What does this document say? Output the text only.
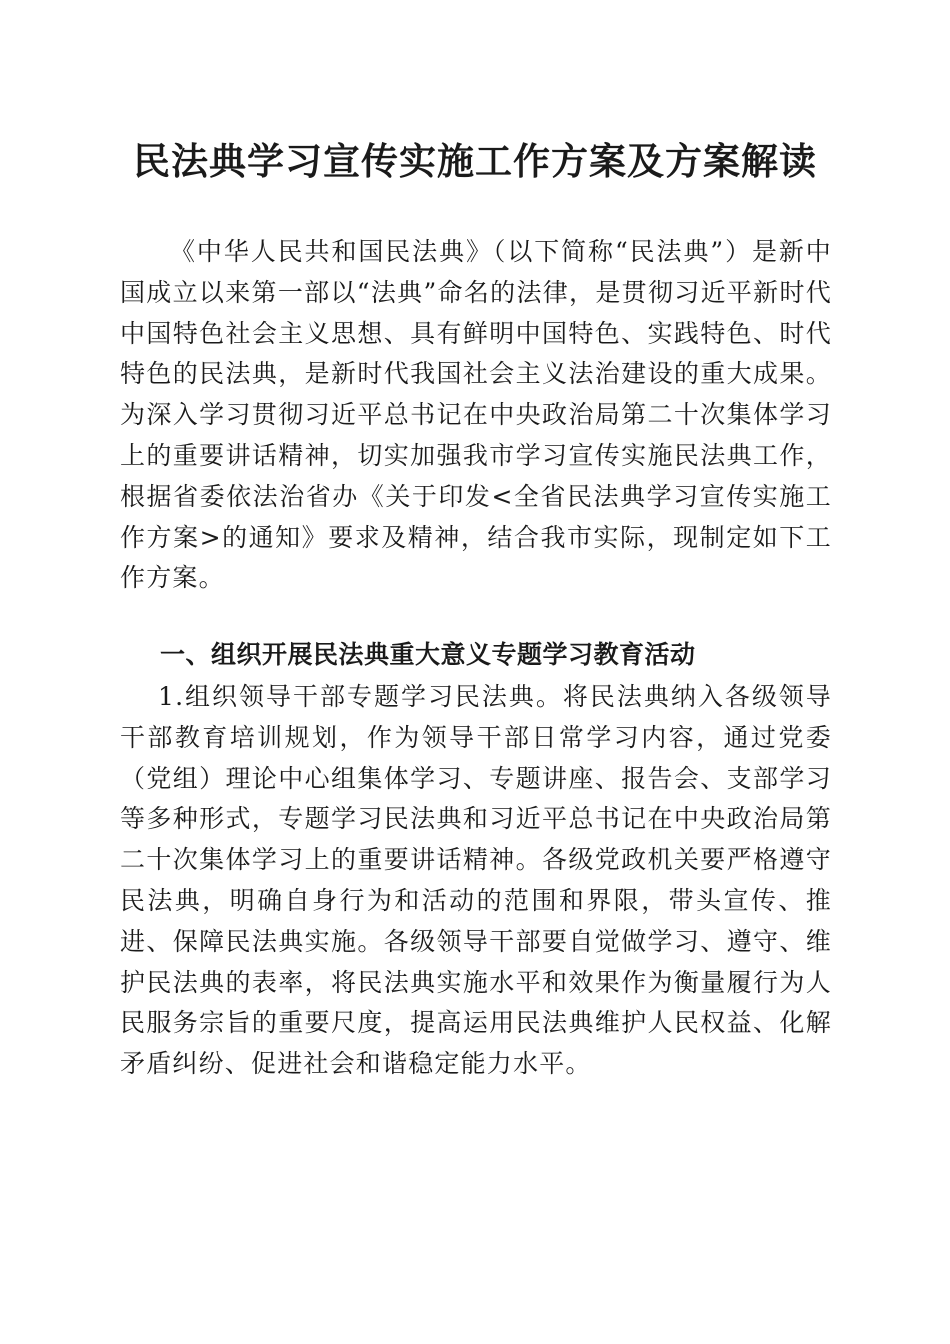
民法典学习宣传实施工作方案及方案解读

《中华人民共和国民法典》（以下简称“民法典”）是新中国成立以来第一部以“法典”命名的法律，是贯彻习近平新时代中国特色社会主义思想、具有鲜明中国特色、实践特色、时代特色的民法典，是新时代我国社会主义法治建设的重大成果。为深入学习贯彻习近平总书记在中央政治局第二十次集体学习上的重要讲话精神，切实加强我市学习宣传实施民法典工作，根据省委依法治省办《关于印发<全省民法典学习宣传实施工作方案>的通知》要求及精神，结合我市实际，现制定如下工作方案。

一、组织开展民法典重大意义专题学习教育活动

1.组织领导干部专题学习民法典。将民法典纳入各级领导干部教育培训规划，作为领导干部日常学习内容，通过党委（党组）理论中心组集体学习、专题讲座、报告会、支部学习等多种形式，专题学习民法典和习近平总书记在中央政治局第二十次集体学习上的重要讲话精神。各级党政机关要严格遵守民法典，明确自身行为和活动的范围和界限，带头宣传、推进、保障民法典实施。各级领导干部要自觉做学习、遵守、维护民法典的表率，将民法典实施水平和效果作为衡量履行为人民服务宗旨的重要尺度，提高运用民法典维护人民权益、化解矛盾纠纷、促进社会和谐稳定能力水平。
